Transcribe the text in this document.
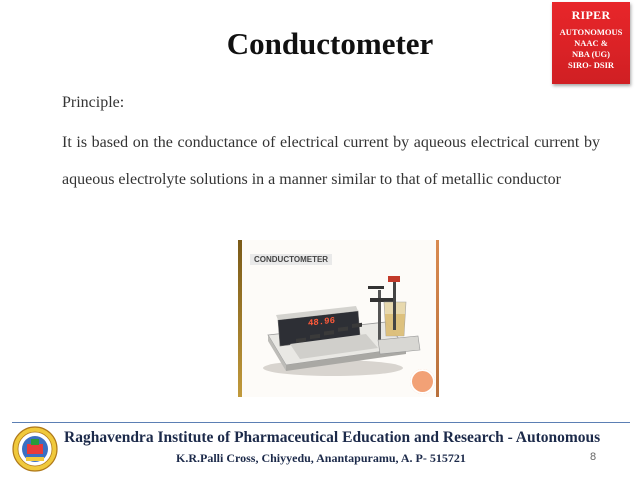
Conductometer
RIPER
AUTONOMOUS
NAAC &
NBA (UG)
SIRO- DSIR
Principle:
It is based on the conductance of electrical current by aqueous electrical current by aqueous electrolyte solutions in a manner similar to that of metallic conductor
CONDUCTOMETER
48.96
Raghavendra Institute of Pharmaceutical Education and Research - Autonomous
K.R.Palli Cross, Chiyyedu, Anantapuramu, A. P- 515721	8
